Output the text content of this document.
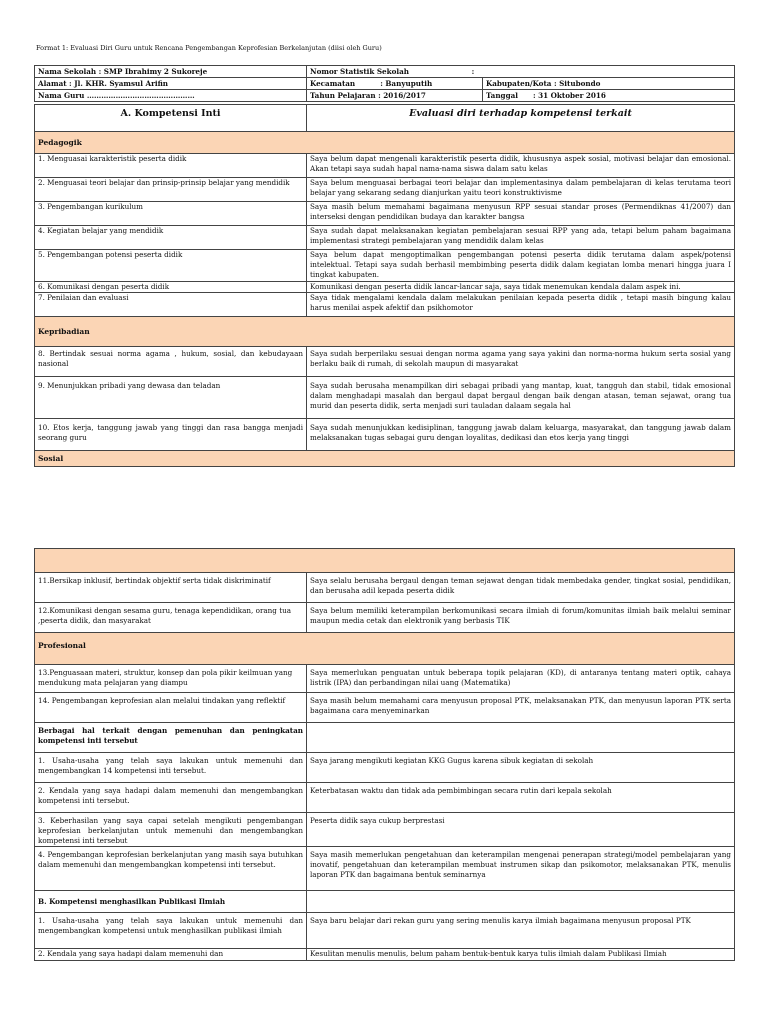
Format 1: Evaluasi Diri Guru untuk Rencana Pengembangan Keprofesian Berkelanjutan (diisi oleh Guru)
Nama Sekolah : SMP Ibrahimy 2 Sukoreje	Nomor Statistik Sekolah :	
Alamat : Jl. KHR. Syamsul Arifin	Kecamatan : Banyuputih	Kabupaten/Kota : Situbondo
Nama Guru ………………………………………	Tahun Pelajaran : 2016/2017	Tanggal : 31 Oktober 2016
A. Kompetensi Inti	Evaluasi diri terhadap kompetensi terkait
Pedagogik	
1. Menguasai karakteristik peserta didik	Saya belum dapat mengenali karakteristik peserta didik, khususnya aspek sosial, motivasi belajar dan emosional. Akan tetapi saya sudah hapal nama-nama siswa dalam satu kelas
2. Menguasai teori belajar dan prinsip-prinsip belajar yang mendidik	Saya belum menguasai berbagai teori belajar dan implementasinya dalam pembelajaran di kelas terutama teori belajar yang sekarang sedang dianjurkan yaitu teori konstruktivisme
3. Pengembangan kurikulum	Saya masih belum memahami bagaimana menyusun RPP sesuai standar proses (Permendiknas 41/2007) dan interseksi dengan pendidikan budaya dan karakter bangsa
4. Kegiatan belajar yang mendidik	Saya sudah dapat melaksanakan kegiatan pembelajaran sesuai RPP yang ada, tetapi belum paham bagaimana implementasi strategi pembelajaran yang mendidik dalam kelas
5. Pengembangan potensi peserta didik	Saya belum dapat mengoptimalkan pengembangan potensi peserta didik terutama dalam aspek/potensi intelektual. Tetapi saya sudah berhasil membimbing peserta didik dalam kegiatan lomba menari hingga juara I tingkat kabupaten.
6. Komunikasi dengan peserta didik	Komunikasi dengan peserta didik lancar-lancar saja, saya tidak menemukan kendala dalam aspek ini.
7. Penilaian dan evaluasi	Saya tidak mengalami kendala dalam melakukan penilaian kepada peserta didik , tetapi masih bingung kalau harus menilai aspek afektif dan psikhomotor
Kepribadian	
8. Bertindak sesuai norma agama , hukum, sosial, dan kebudayaan nasional	Saya sudah berperilaku sesuai dengan norma agama yang saya yakini dan norma-norma hukum serta sosial yang berlaku baik di rumah, di sekolah maupun di masyarakat
9. Menunjukkan pribadi yang dewasa dan teladan	Saya sudah berusaha menampilkan diri sebagai pribadi yang mantap, kuat, tangguh dan stabil, tidak emosional dalam menghadapi masalah dan bergaul dapat bergaul dengan baik dengan atasan, teman sejawat, orang tua murid dan peserta didik, serta menjadi suri tauladan dalaam segala hal
10. Etos kerja, tanggung jawab yang tinggi dan rasa bangga menjadi seorang guru	Saya sudah menunjukkan kedisiplinan, tanggung jawab dalam keluarga, masyarakat, dan tanggung jawab dalam melaksanakan tugas sebagai guru dengan loyalitas, dedikasi dan etos kerja yang tinggi
Sosial	

11.Bersikap inklusif, bertindak objektif serta tidak diskriminatif	Saya selalu berusaha bergaul dengan teman sejawat dengan tidak membedaka gender, tingkat sosial, pendidikan, dan berusaha adil kepada peserta didik
12.Komunikasi dengan sesama guru, tenaga kependidikan, orang tua ,peserta didik, dan masyarakat	Saya belum memiliki keterampilan berkomunikasi secara ilmiah di forum/komunitas ilmiah baik melalui seminar maupun media cetak dan elektronik yang berbasis TIK
Profesional	
13.Penguasaan materi, struktur, konsep dan pola pikir keilmuan yang mendukung mata pelajaran yang diampu	Saya memerlukan penguatan untuk beberapa topik pelajaran (KD), di antaranya tentang materi optik, cahaya listrik (IPA) dan perbandingan nilai uang (Matematika)
14. Pengembangan keprofesian alan melalui tindakan yang reflektif	Saya masih belum memahami cara menyusun proposal PTK, melaksanakan PTK, dan menyusun laporan PTK serta bagaimana cara menyeminarkan
Berbagai hal terkait dengan pemenuhan dan peningkatan kompetensi inti tersebut	
1. Usaha-usaha yang telah saya lakukan untuk memenuhi dan mengembangkan 14 kompetensi inti tersebut.	Saya jarang mengikuti kegiatan KKG Gugus karena sibuk kegiatan di sekolah
2. Kendala yang saya hadapi dalam memenuhi dan mengembangkan kompetensi inti tersebut.	Keterbatasan waktu dan tidak ada pembimbingan secara rutin dari kepala sekolah
3. Keberhasilan yang saya capai setelah mengikuti pengembangan keprofesian berkelanjutan untuk memenuhi dan mengembangkan kompetensi inti tersebut	Peserta didik saya cukup berprestasi
4. Pengembangan keprofesian berkelanjutan yang masih saya butuhkan dalam memenuhi dan mengembangkan kompetensi inti tersebut.	Saya masih memerlukan pengetahuan dan keterampilan mengenai penerapan strategi/model pembelajaran yang inovatif, pengetahuan dan keterampilan membuat instrumen sikap dan psikomotor, melaksanakan PTK, menulis laporan PTK dan bagaimana bentuk seminarnya
B. Kompetensi menghasilkan Publikasi Ilmiah	
1. Usaha-usaha yang telah saya lakukan untuk memenuhi dan mengembangkan kompetensi untuk menghasilkan publikasi ilmiah	Saya baru belajar dari rekan guru yang sering menulis karya ilmiah bagaimana menyusun proposal PTK
2. Kendala yang saya hadapi dalam memenuhi dan	Kesulitan menulis menulis, belum paham bentuk-bentuk karya tulis ilmiah dalam Publikasi Ilmiah
